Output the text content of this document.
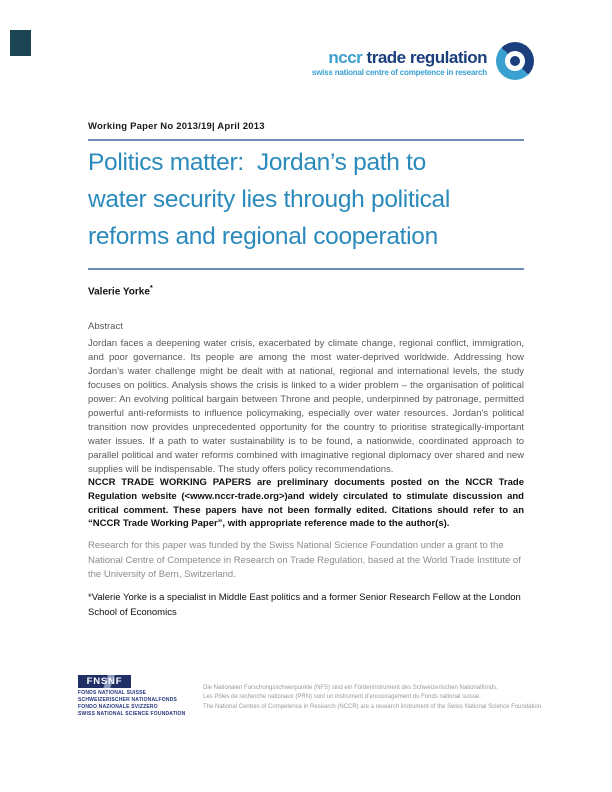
nccr trade regulation
swiss national centre of competence in research
Working Paper No 2013/19| April 2013
Politics matter:  Jordan’s path to
water security lies through political
reforms and regional cooperation
Valerie Yorke*
Abstract
Jordan faces a deepening water crisis, exacerbated by climate change, regional conflict, immigration, and poor governance. Its people are among the most water-deprived worldwide. Addressing how Jordan’s water challenge might be dealt with at national, regional and international levels, the study focuses on politics. Analysis shows the crisis is linked to a wider problem – the organisation of political power: An evolving political bargain between Throne and people, underpinned by patronage, permitted powerful anti-reformists to influence policymaking, especially over water resources. Jordan’s political transition now provides unprecedented opportunity for the country to prioritise strategically-important water issues. If a path to water sustainability is to be found, a nationwide, coordinated approach to parallel political and water reforms combined with imaginative regional diplomacy over shared and new supplies will be indispensable. The study offers policy recommendations.
NCCR TRADE WORKING PAPERS are preliminary documents posted on the NCCR Trade Regulation website (<www.nccr-trade.org>)and widely circulated to stimulate discussion and critical comment. These papers have not been formally edited. Citations should refer to an “NCCR Trade Working Paper”, with appropriate reference made to the author(s).
Research for this paper was funded by the Swiss National Science Foundation under a grant to the National Centre of Competence in Research on Trade Regulation, based at the World Trade Institute of the University of Bern, Switzerland.
*Valerie Yorke is a specialist in Middle East politics and a former Senior Research Fellow at the London School of Economics
FNSNF
FONDS NATIONAL SUISSE
SCHWEIZERISCHER NATIONALFONDS
FONDO NAZIONALE SVIZZERO
SWISS NATIONAL SCIENCE FOUNDATION
Die Nationalen Forschungsschwerpunkte (NFS) sind ein Förderinstrument des Schweizerischen Nationalfonds.
Les Pôles de recherche nationaux (PRN) sont un instrument d’encouragement du Fonds national suisse.
The National Centres of Competence in Research (NCCR) are a research instrument of the Swiss National Science Foundation.
